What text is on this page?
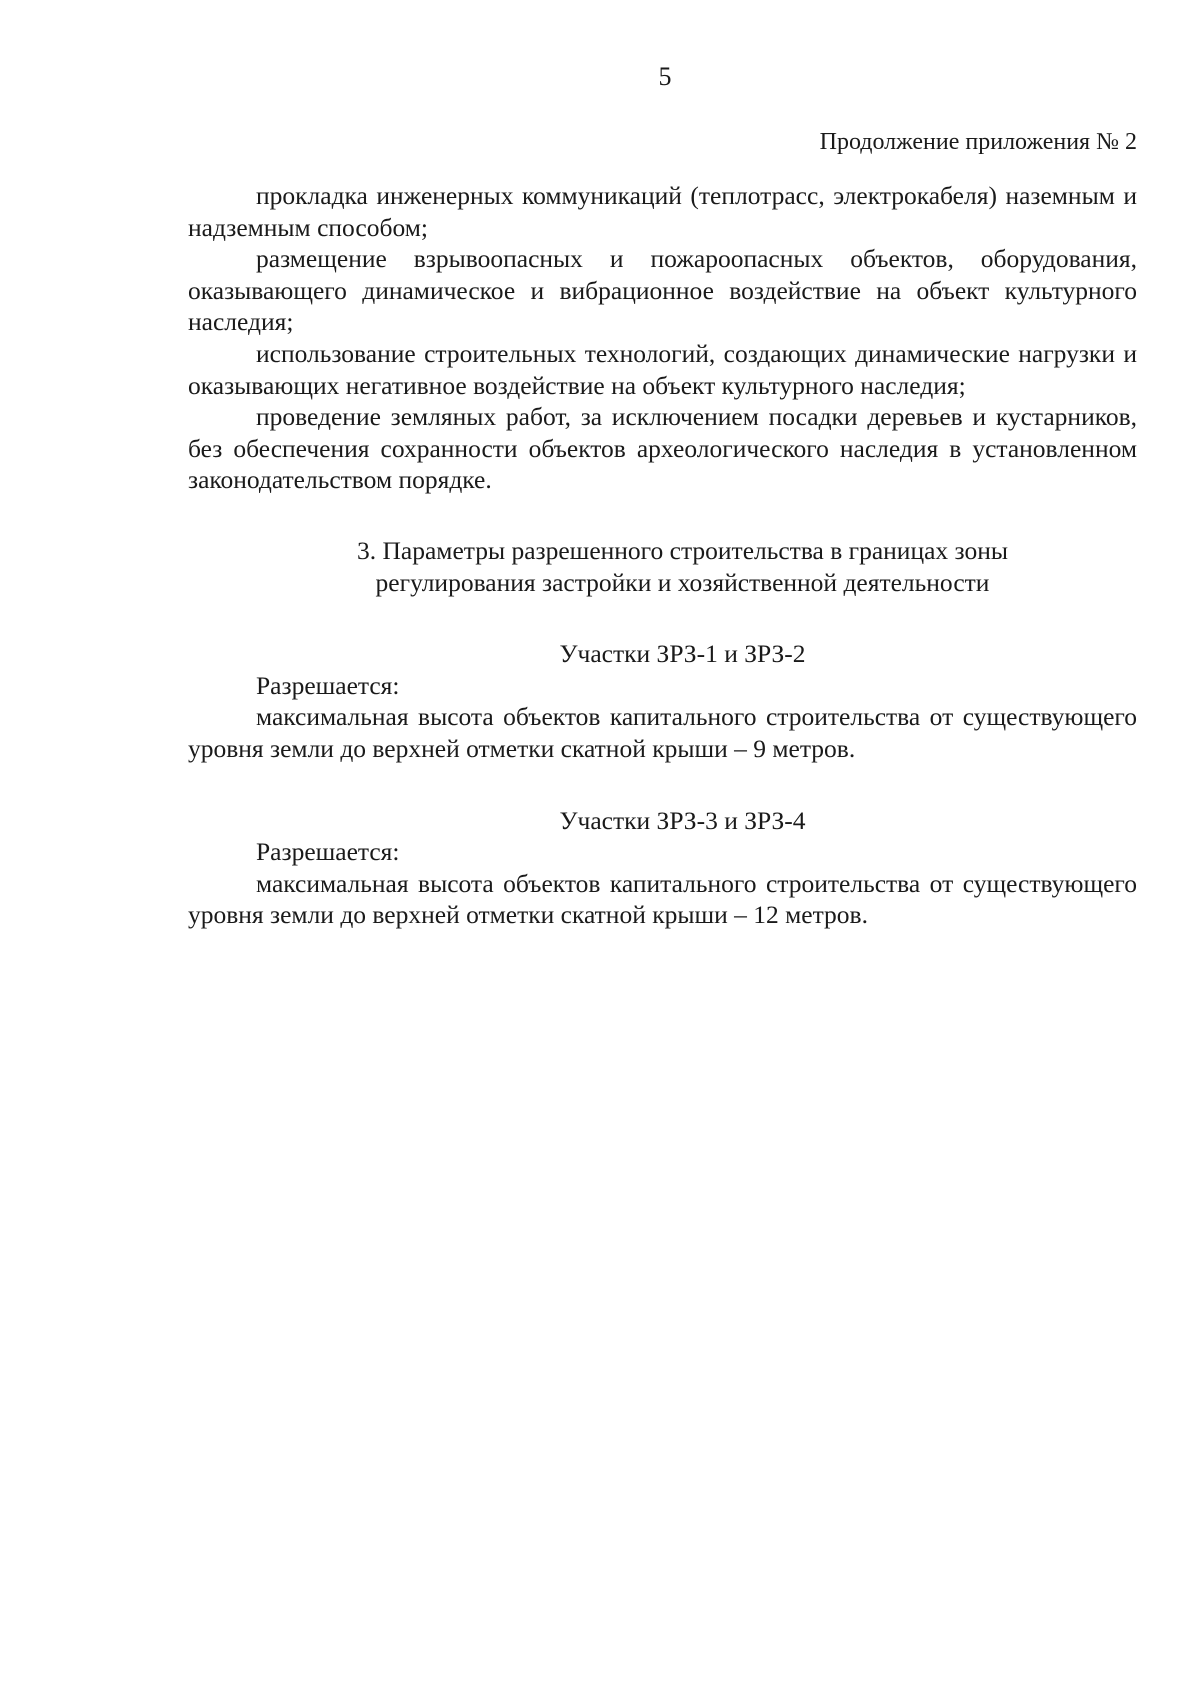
5
Продолжение приложения № 2

прокладка инженерных коммуникаций (теплотрасс, электрокабеля) наземным и надземным способом;

размещение взрывоопасных и пожароопасных объектов, оборудования, оказывающего динамическое и вибрационное воздействие на объект культурного наследия;

использование строительных технологий, создающих динамические нагрузки и оказывающих негативное воздействие на объект культурного наследия;

проведение земляных работ, за исключением посадки деревьев и кустарников, без обеспечения сохранности объектов археологического наследия в установленном законодательством порядке.

3. Параметры разрешенного строительства в границах зоны
регулирования застройки и хозяйственной деятельности
Участки ЗРЗ-1 и ЗРЗ-2

Разрешается:

максимальная высота объектов капитального строительства от существующего уровня земли до верхней отметки скатной крыши – 9 метров.

Участки ЗРЗ-3 и ЗРЗ-4

Разрешается:

максимальная высота объектов капитального строительства от существующего уровня земли до верхней отметки скатной крыши – 12 метров.
